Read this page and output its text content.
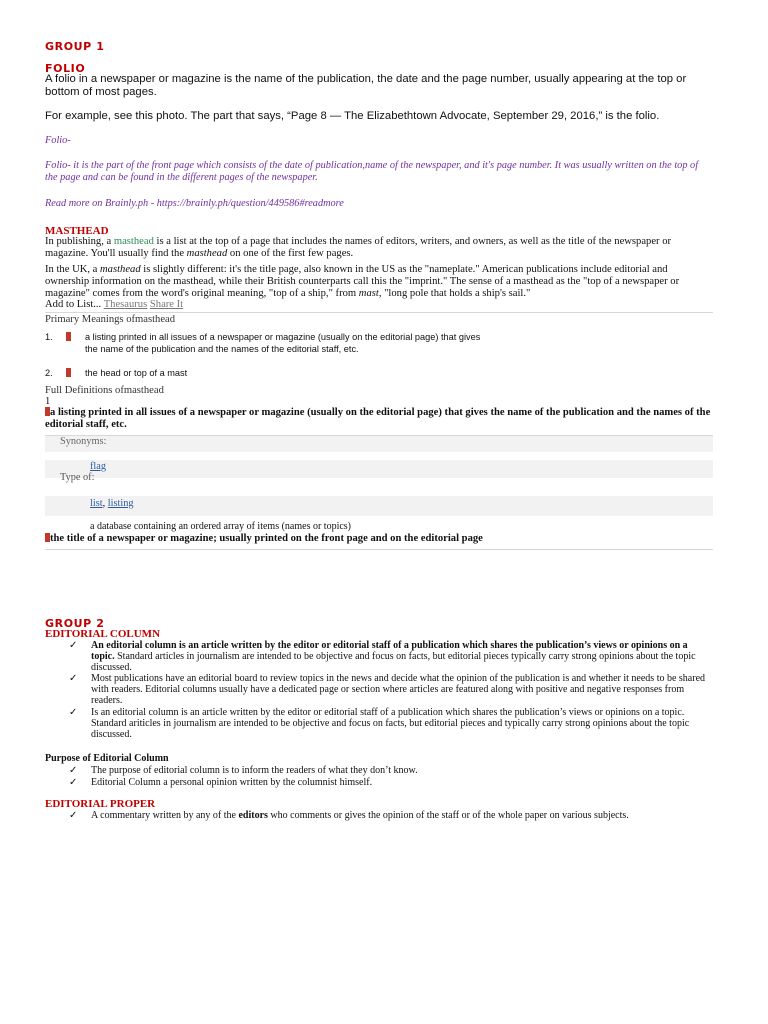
GROUP 1
FOLIO
A folio in a newspaper or magazine is the name of the publication, the date and the page number, usually appearing at the top or bottom of most pages.
For example, see this photo. The part that says, “Page 8 — The Elizabethtown Advocate, September 29, 2016,” is the folio.
Folio-
Folio- it is the part of the front page which consists of the date of publication,name of the newspaper, and it's page number. It was usually written on the top of the page and can be found in the different pages of the newspaper.
Read more on Brainly.ph - https://brainly.ph/question/449586#readmore
MASTHEAD
In publishing, a masthead is a list at the top of a page that includes the names of editors, writers, and owners, as well as the title of the newspaper or magazine. You'll usually find the masthead on one of the first few pages.
In the UK, a masthead is slightly different: it's the title page, also known in the US as the "nameplate." American publications include editorial and ownership information on the masthead, while their British counterparts call this the "imprint." The sense of a masthead as the "top of a newspaper or magazine" comes from the word's original meaning, "top of a ship," from mast, "long pole that holds a ship's sail."
Add to List... Thesaurus Share It
Primary Meanings ofmasthead
1.	a listing printed in all issues of a newspaper or magazine (usually on the editorial page) that gives
the name of the publication and the names of the editorial staff, etc.
2.	the head or top of a mast
Full Definitions ofmasthead
1
a listing printed in all issues of a newspaper or magazine (usually on the editorial page) that gives the name of the publication and the names of the editorial staff, etc.
Synonyms:
flag
Type of:
list, listing
a database containing an ordered array of items (names or topics)
the title of a newspaper or magazine; usually printed on the front page and on the editorial page
GROUP 2
EDITORIAL COLUMN
✓ An editorial column is an article written by the editor or editorial staff of a publication which shares the publication’s views or opinions on a topic. Standard articles in journalism are intended to be objective and focus on facts, but editorial pieces typically carry strong opinions about the topic discussed.
✓ Most publications have an editorial board to review topics in the news and decide what the opinion of the publication is and whether it needs to be shared with readers. Editorial columns usually have a dedicated page or section where articles are featured along with positive and negative responses from readers.
✓ Is an editorial column is an article written by the editor or editorial staff of a publication which shares the publication’s views or opinions on a topic. Standard ariticles in journalism are intended to be objective and focus on facts, but editorial pieces and typically carry strong opinions about the topic discussed.
Purpose of Editorial Column
✓ The purpose of editorial column is to inform the readers of what they don’t know.
✓ Editorial Column a personal opinion written by the columnist himself.
EDITORIAL PROPER
✓ A commentary written by any of the editors who comments or gives the opinion of the staff or of the whole paper on various subjects.
